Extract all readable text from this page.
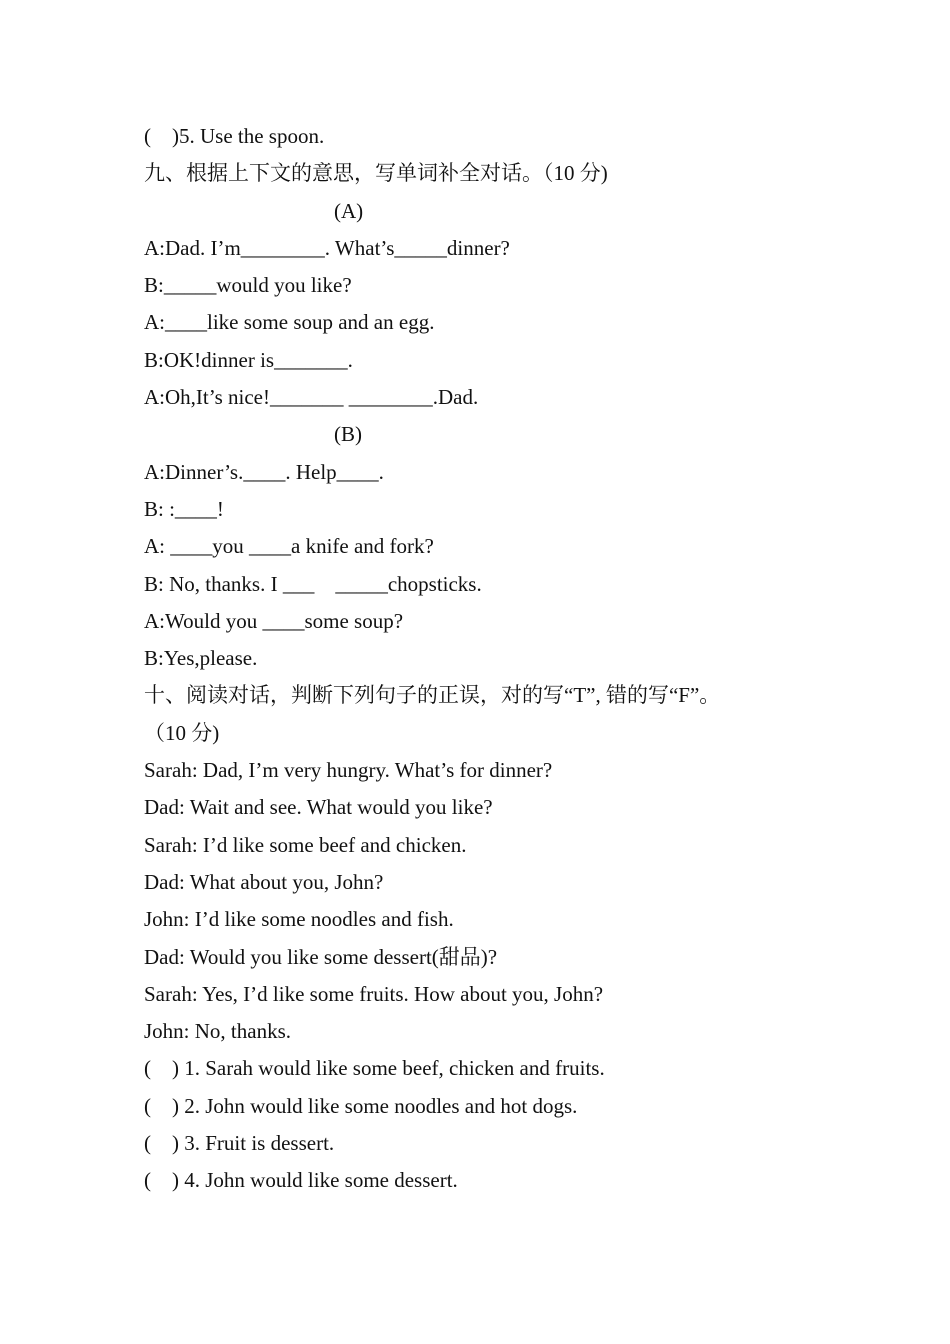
(    )5. Use the spoon.
九、根据上下文的意思，写单词补全对话。（10 分)
(A)
A:Dad. I’m________. What’s_____dinner?
B:_____would you like?
A:____like some soup and an egg.
B:OK!dinner is_______.
A:Oh,It’s nice!_______ ________.Dad.
(B)
A:Dinner’s.____. Help____.
B: :____!
A: ____you ____a knife and fork?
B: No, thanks. I ___    _____chopsticks.
A:Would you ____some soup?
B:Yes,please.
十、阅读对话，判断下列句子的正误，对的写“T”, 错的写“F”。
（10 分)
Sarah: Dad, I’m very hungry. What’s for dinner?
Dad: Wait and see. What would you like?
Sarah: I’d like some beef and chicken.
Dad: What about you, John?
John: I’d like some noodles and fish.
Dad: Would you like some dessert(甜品)?
Sarah: Yes, I’d like some fruits. How about you, John?
John: No, thanks.
(    ) 1. Sarah would like some beef, chicken and fruits.
(    ) 2. John would like some noodles and hot dogs.
(    ) 3. Fruit is dessert.
(    ) 4. John would like some dessert.
